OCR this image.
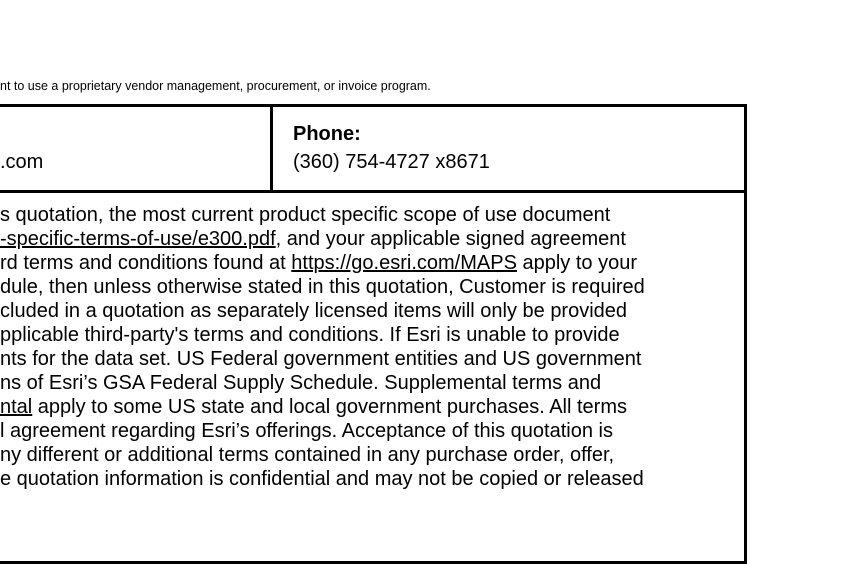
nt to use a proprietary vendor management, procurement, or invoice program.
.com
Phone:
(360) 754-4727 x8671
s quotation, the most current product specific scope of use document
-specific-terms-of-use/e300.pdf, and your applicable signed agreement
rd terms and conditions found at https://go.esri.com/MAPS apply to your
dule, then unless otherwise stated in this quotation, Customer is required
cluded in a quotation as separately licensed items will only be provided
pplicable third-party's terms and conditions. If Esri is unable to provide
nts for the data set. US Federal government entities and US government
ns of Esri’s GSA Federal Supply Schedule. Supplemental terms and
ntal apply to some US state and local government purchases. All terms
l agreement regarding Esri’s offerings. Acceptance of this quotation is
ny different or additional terms contained in any purchase order, offer,
e quotation information is confidential and may not be copied or released
